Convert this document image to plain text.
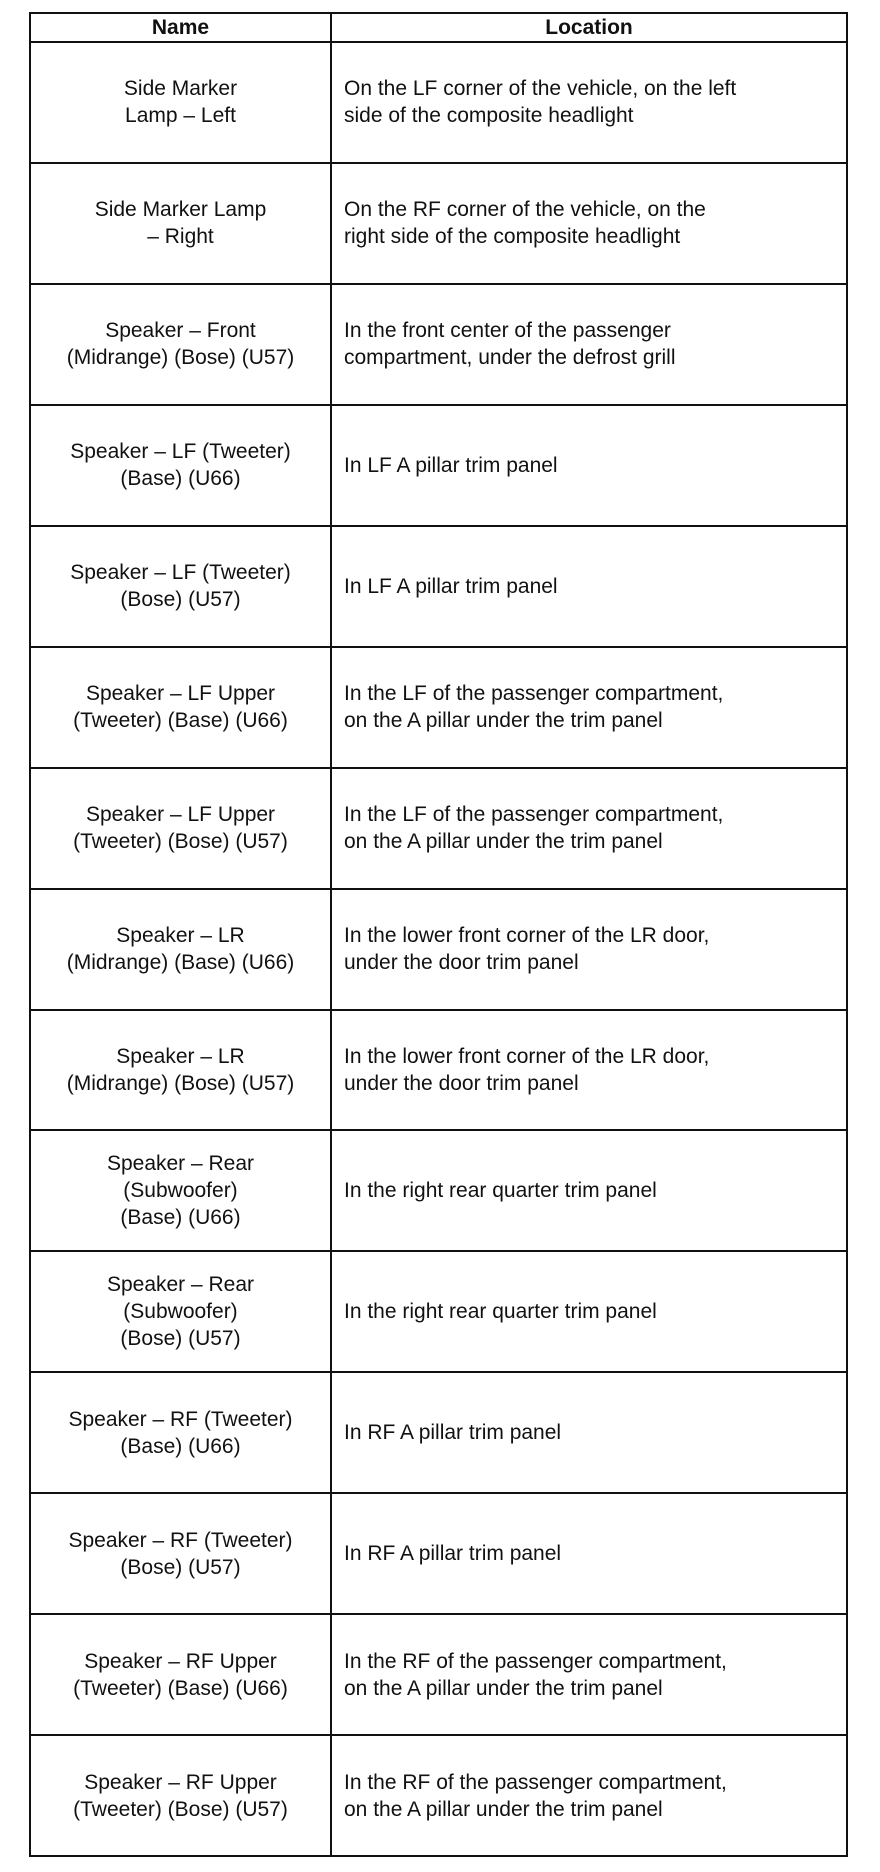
Name	Location
Side Marker
Lamp – Left
On the LF corner of the vehicle, on the left
side of the composite headlight
Side Marker Lamp
– Right
On the RF corner of the vehicle, on the
right side of the composite headlight
Speaker – Front
(Midrange) (Bose) (U57)
In the front center of the passenger
compartment, under the defrost grill
Speaker – LF (Tweeter)
(Base) (U66)
In LF A pillar trim panel
Speaker – LF (Tweeter)
(Bose) (U57)
In LF A pillar trim panel
Speaker – LF Upper
(Tweeter) (Base) (U66)
In the LF of the passenger compartment,
on the A pillar under the trim panel
Speaker – LF Upper
(Tweeter) (Bose) (U57)
In the LF of the passenger compartment,
on the A pillar under the trim panel
Speaker – LR
(Midrange) (Base) (U66)
In the lower front corner of the LR door,
under the door trim panel
Speaker – LR
(Midrange) (Bose) (U57)
In the lower front corner of the LR door,
under the door trim panel
Speaker – Rear
(Subwoofer)
(Base) (U66)
In the right rear quarter trim panel
Speaker – Rear
(Subwoofer)
(Bose) (U57)
In the right rear quarter trim panel
Speaker – RF (Tweeter)
(Base) (U66)
In RF A pillar trim panel
Speaker – RF (Tweeter)
(Bose) (U57)
In RF A pillar trim panel
Speaker – RF Upper
(Tweeter) (Base) (U66)
In the RF of the passenger compartment,
on the A pillar under the trim panel
Speaker – RF Upper
(Tweeter) (Bose) (U57)
In the RF of the passenger compartment,
on the A pillar under the trim panel
